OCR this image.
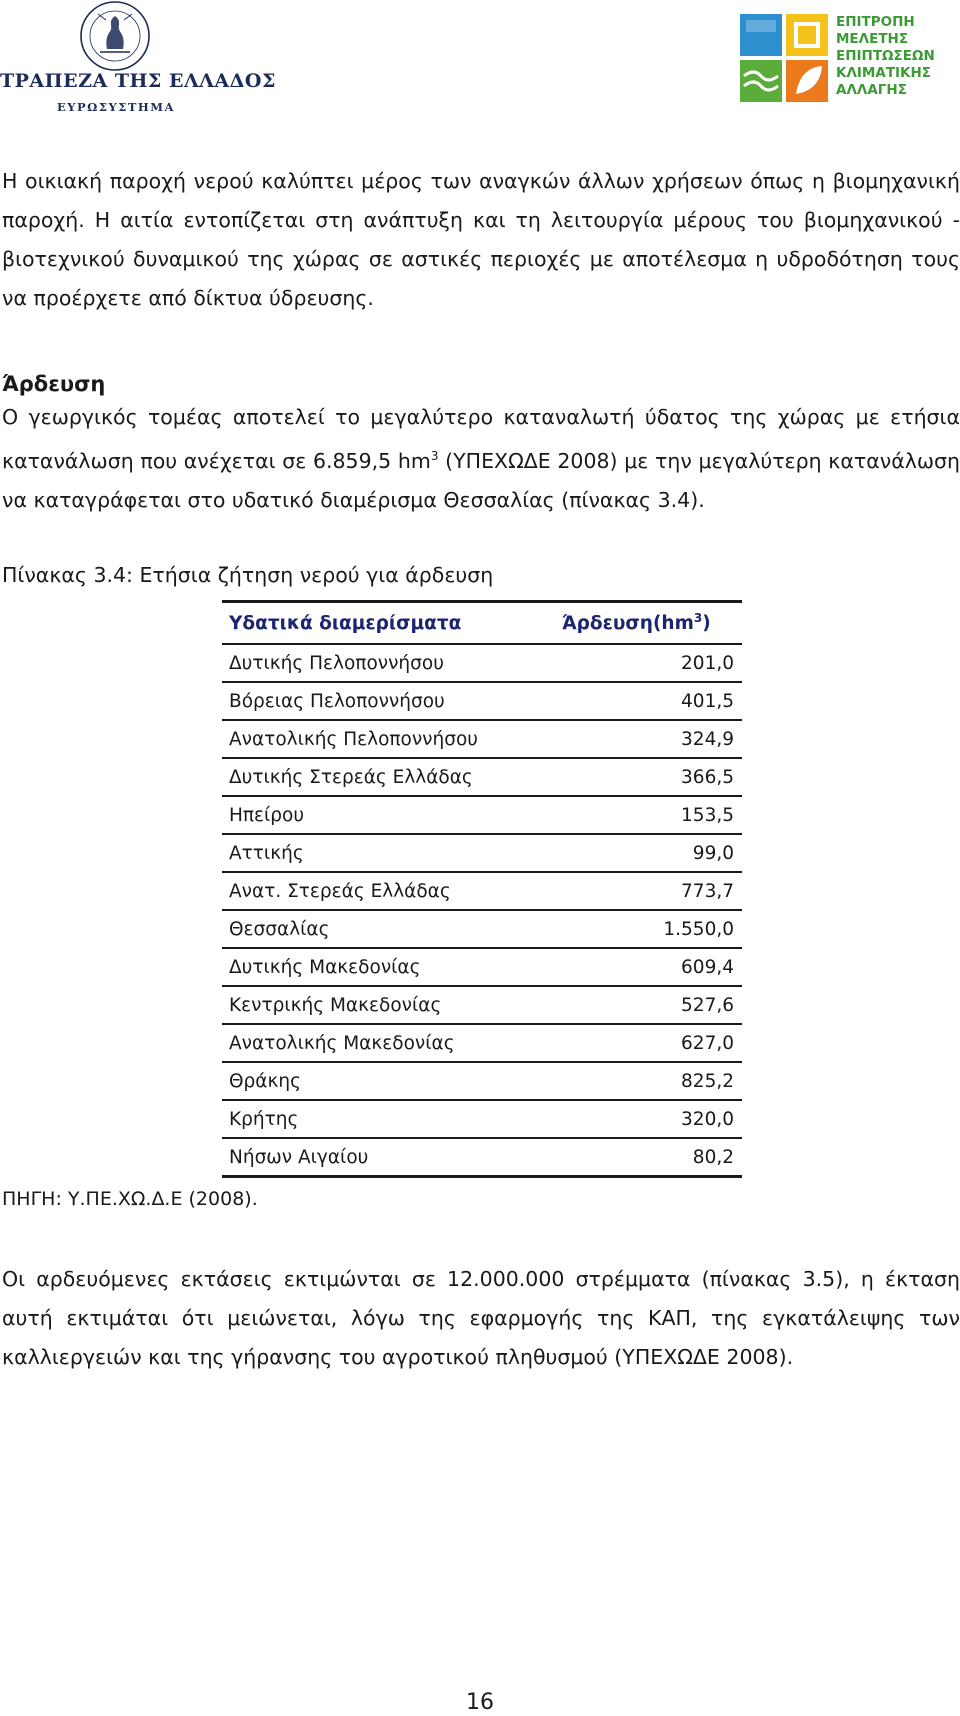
ΤΡΑΠΕΖΑ ΤΗΣ ΕΛΛΑΔΟΣ
ΕΥΡΩΣΥΣΤΗΜΑ
ΕΠΙΤΡΟΠΗ
ΜΕΛΕΤΗΣ
ΕΠΙΠΤΩΣΕΩΝ
ΚΛΙΜΑΤΙΚΗΣ
ΑΛΛΑΓΗΣ

Η οικιακή παροχή νερού καλύπτει μέρος των αναγκών άλλων χρήσεων όπως η βιομηχανική παροχή. Η αιτία εντοπίζεται στη ανάπτυξη και τη λειτουργία μέρους του βιομηχανικού - βιοτεχνικού δυναμικού της χώρας σε αστικές περιοχές με αποτέλεσμα η υδροδότηση τους να προέρχετε από δίκτυα ύδρευσης.

Άρδευση

Ο γεωργικός τομέας αποτελεί το μεγαλύτερο καταναλωτή ύδατος της χώρας με ετήσια κατανάλωση που ανέχεται σε 6.859,5 $hm^3$ (ΥΠΕΧΩΔΕ 2008) με την μεγαλύτερη κατανάλωση να καταγράφεται στο υδατικό διαμέρισμα Θεσσαλίας (πίνακας 3.4).

Πίνακας 3.4: Ετήσια ζήτηση νερού για άρδευση
Υδατικά διαμερίσματα	$Ά\rho\delta\varepsilon\upsilon\sigma\eta(hm^3)$
Δυτικής Πελοποννήσου	201,0
Βόρειας Πελοποννήσου	401,5
Ανατολικής Πελοποννήσου	324,9
Δυτικής Στερεάς Ελλάδας	366,5
Ηπείρου	153,5
Αττικής	99,0
Ανατ. Στερεάς Ελλάδας	773,7
Θεσσαλίας	1.550,0
Δυτικής Μακεδονίας	609,4
Κεντρικής Μακεδονίας	527,6
Ανατολικής Μακεδονίας	627,0
Θράκης	825,2
Κρήτης	320,0
Νήσων Αιγαίου	80,2
ΠΗΓΗ: Υ.ΠΕ.ΧΩ.Δ.Ε (2008).

Οι αρδευόμενες εκτάσεις εκτιμώνται σε 12.000.000 στρέμματα (πίνακας 3.5), η έκταση αυτή εκτιμάται ότι μειώνεται, λόγω της εφαρμογής της ΚΑΠ, της εγκατάλειψης των καλλιεργειών και της γήρανσης του αγροτικού πληθυσμού (ΥΠΕΧΩΔΕ 2008).

16
